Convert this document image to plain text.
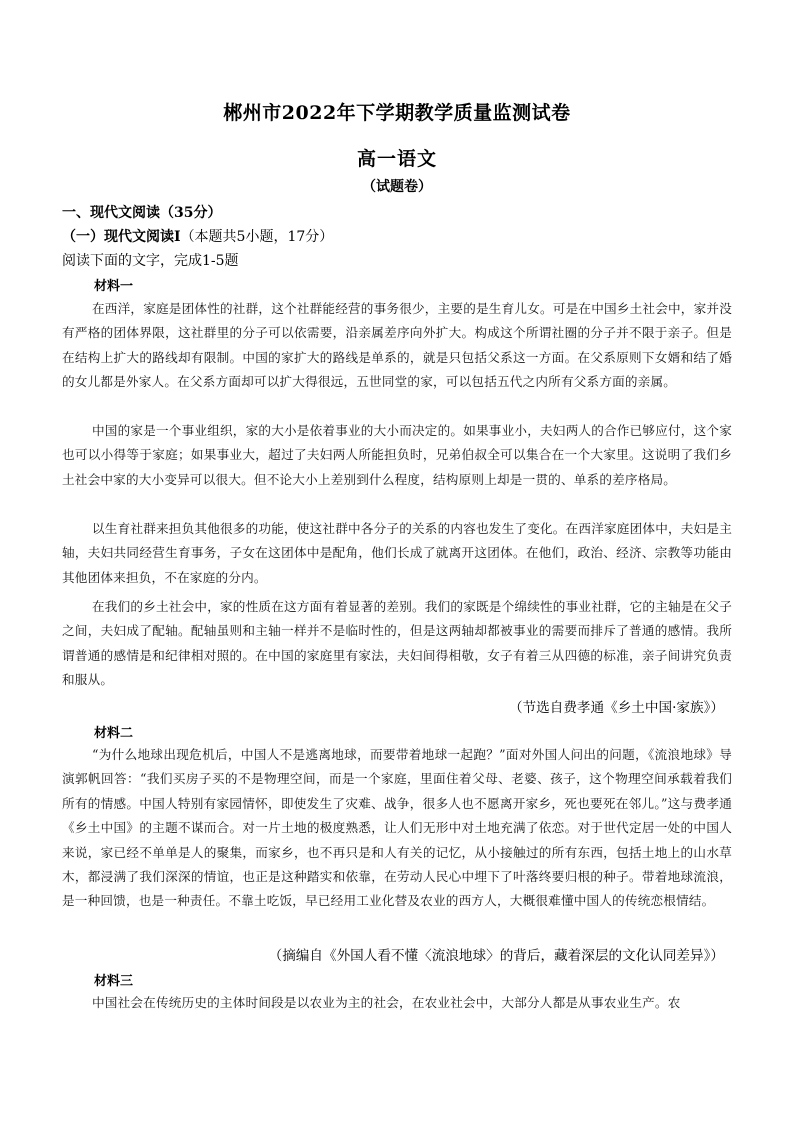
郴州市2022年下学期教学质量监测试卷
高一语文
（试题卷）
一、现代文阅读（35分）
（一）现代文阅读Ⅰ（本题共5小题，17分）
阅读下面的文字，完成1-5题
材料一
在西洋，家庭是团体性的社群，这个社群能经营的事务很少，主要的是生育儿女。可是在中国乡土社会中，家并没有严格的团体界限，这社群里的分子可以依需要，沿亲属差序向外扩大。构成这个所谓社圈的分子并不限于亲子。但是在结构上扩大的路线却有限制。中国的家扩大的路线是单系的，就是只包括父系这一方面。在父系原则下女婿和结了婚的女儿都是外家人。在父系方面却可以扩大得很远，五世同堂的家，可以包括五代之内所有父系方面的亲属。
中国的家是一个事业组织，家的大小是依着事业的大小而决定的。如果事业小，夫妇两人的合作已够应付，这个家也可以小得等于家庭；如果事业大，超过了夫妇两人所能担负时，兄弟伯叔全可以集合在一个大家里。这说明了我们乡土社会中家的大小变异可以很大。但不论大小上差别到什么程度，结构原则上却是一贯的、单系的差序格局。
以生育社群来担负其他很多的功能，使这社群中各分子的关系的内容也发生了变化。在西洋家庭团体中，夫妇是主轴，夫妇共同经营生育事务，子女在这团体中是配角，他们长成了就离开这团体。在他们，政治、经济、宗教等功能由其他团体来担负，不在家庭的分内。
在我们的乡土社会中，家的性质在这方面有着显著的差别。我们的家既是个绵续性的事业社群，它的主轴是在父子之间，夫妇成了配轴。配轴虽则和主轴一样并不是临时性的，但是这两轴却都被事业的需要而排斥了普通的感情。我所谓普通的感情是和纪律相对照的。在中国的家庭里有家法，夫妇间得相敬，女子有着三从四德的标准，亲子间讲究负责和服从。
（节选自费孝通《乡土中国·家族》）
材料二
“为什么地球出现危机后，中国人不是逃离地球，而要带着地球一起跑？”面对外国人问出的问题，《流浪地球》导演郭帆回答：“我们买房子买的不是物理空间，而是一个家庭，里面住着父母、老婆、孩子，这个物理空间承载着我们所有的情感。中国人特别有家园情怀，即使发生了灾难、战争，很多人也不愿离开家乡，死也要死在邻儿。”这与费孝通《乡土中国》的主题不谋而合。对一片土地的极度熟悉，让人们无形中对土地充满了依恋。对于世代定居一处的中国人来说，家已经不单单是人的聚集，而家乡，也不再只是和人有关的记忆，从小接触过的所有东西，包括土地上的山水草木，都浸满了我们深深的情谊，也正是这种踏实和依靠，在劳动人民心中埋下了叶落终要归根的种子。带着地球流浪，是一种回馈，也是一种责任。不靠土吃饭，早已经用工业化替及农业的西方人，大概很难懂中国人的传统恋根情结。
（摘编自《外国人看不懂〈流浪地球〉的背后，藏着深层的文化认同差异》）
材料三
中国社会在传统历史的主体时间段是以农业为主的社会，在农业社会中，大部分人都是从事农业生产。农
